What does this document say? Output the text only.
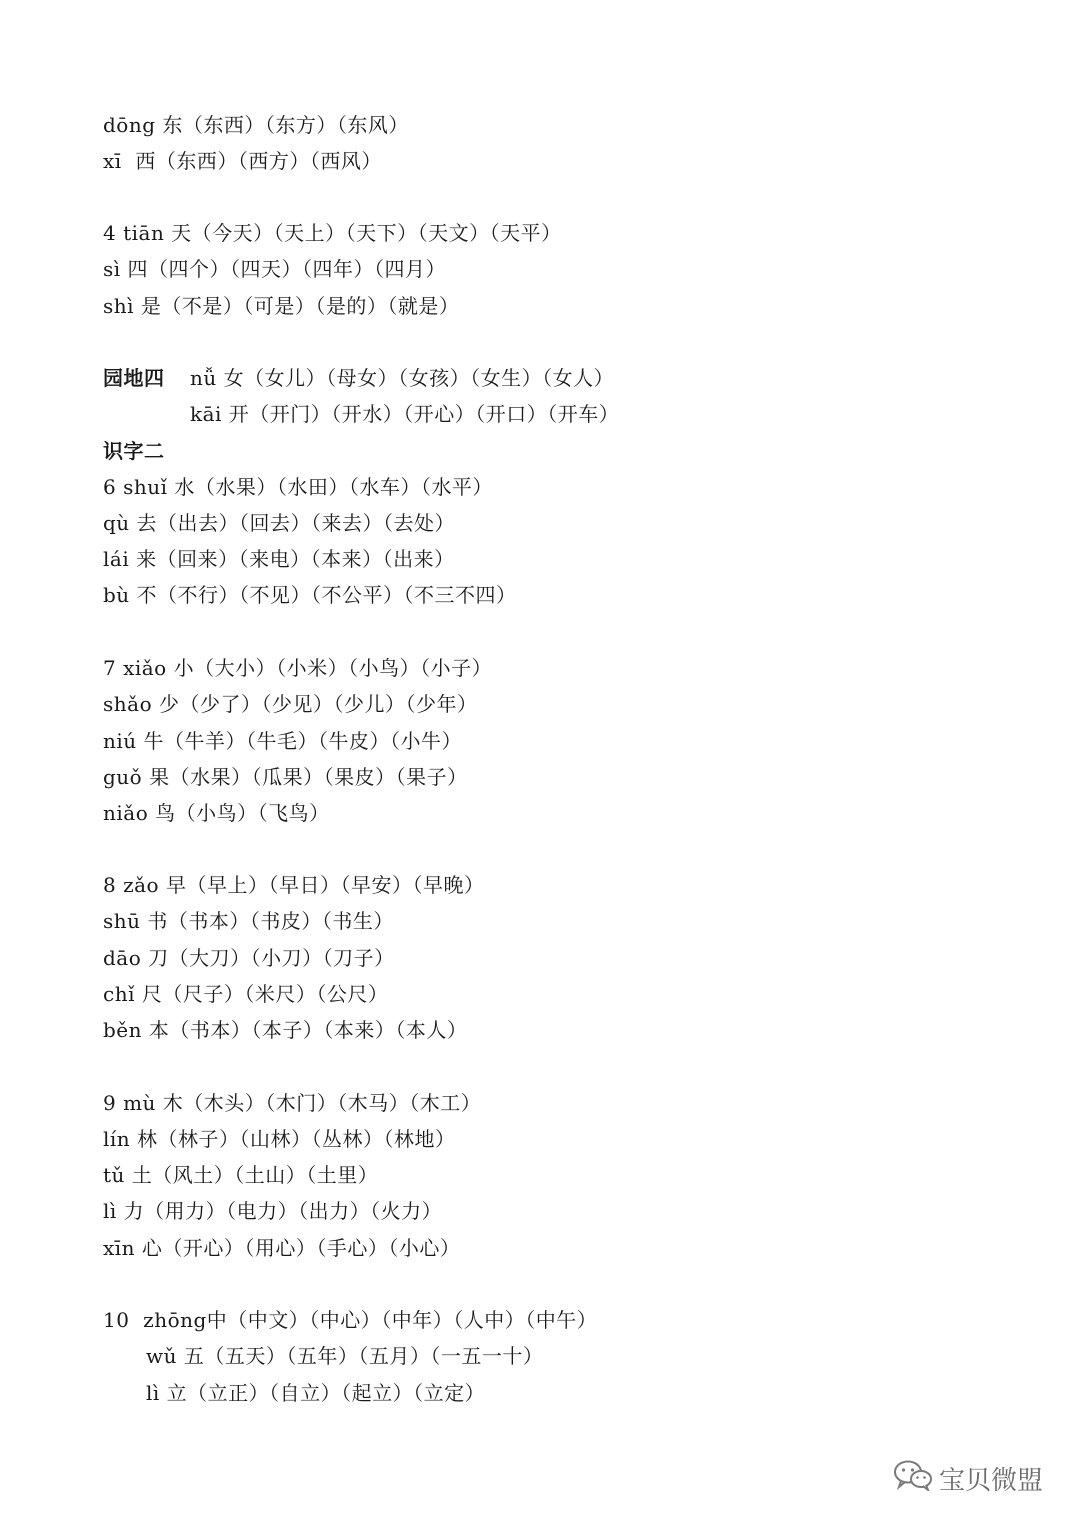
dōng 东（东西）（东方）（东风）
xī  西（东西）（西方）（西风）
4 tiān 天（今天）（天上）（天下）（天文）（天平）
sì 四（四个）（四天）（四年）（四月）
shì 是（不是）（可是）（是的）（就是）
园地四 nǚ 女（女儿）（母女）（女孩）（女生）（女人）
kāi 开（开门）（开水）（开心）（开口）（开车）
识字二
6 shuǐ 水（水果）（水田）（水车）（水平）
qù 去（出去）（回去）（来去）（去处）
lái 来（回来）（来电）（本来）（出来）
bù 不（不行）（不见）（不公平）（不三不四）
7 xiǎo 小（大小）（小米）（小鸟）（小子）
shǎo 少（少了）（少见）（少儿）（少年）
niú 牛（牛羊）（牛毛）（牛皮）（小牛）
guǒ 果（水果）（瓜果）（果皮）（果子）
niǎo 鸟（小鸟）（飞鸟）
8 zǎo 早（早上）（早日）（早安）（早晚）
shū 书（书本）（书皮）（书生）
dāo 刀（大刀）（小刀）（刀子）
chǐ 尺（尺子）（米尺）（公尺）
běn 本（书本）（本子）（本来）（本人）
9 mù 木（木头）（木门）（木马）（木工）
lín 林（林子）（山林）（丛林）（林地）
tǔ 土（风土）（土山）（土里）
lì 力（用力）（电力）（出力）（火力）
xīn 心（开心）（用心）（手心）（小心）
10  zhōng中（中文）（中心）（中年）（人中）（中午）
wǔ 五（五天）（五年）（五月）（一五一十）
lì 立（立正）（自立）（起立）（立定）
宝贝微盟
